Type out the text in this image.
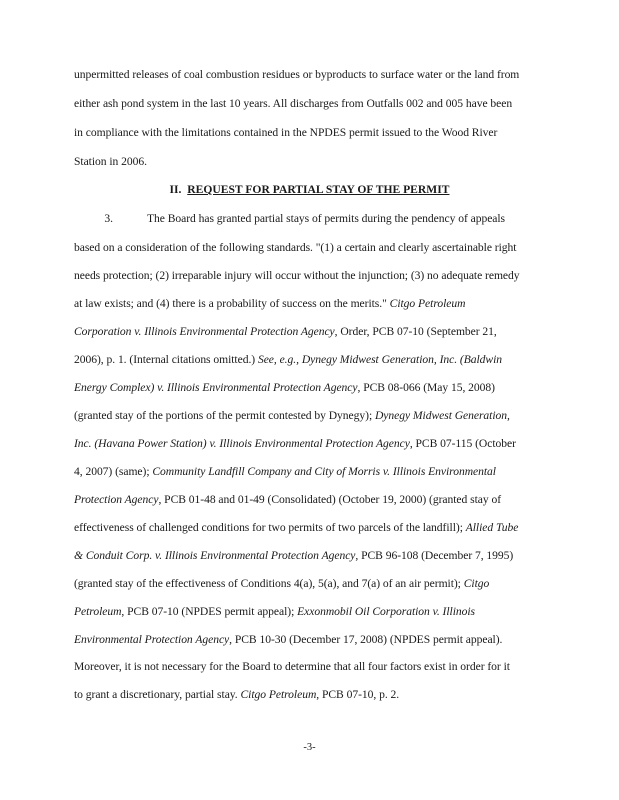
unpermitted releases of coal combustion residues or byproducts to surface water or the land from
either ash pond system in the last 10 years. All discharges from Outfalls 002 and 005 have been
in compliance with the limitations contained in the NPDES permit issued to the Wood River
Station in 2006.
II. REQUEST FOR PARTIAL STAY OF THE PERMIT
3.	The Board has granted partial stays of permits during the pendency of appeals
based on a consideration of the following standards. "(1) a certain and clearly ascertainable right
needs protection; (2) irreparable injury will occur without the injunction; (3) no adequate remedy
at law exists; and (4) there is a probability of success on the merits." Citgo Petroleum
Corporation v. Illinois Environmental Protection Agency, Order, PCB 07-10 (September 21,
2006), p. 1. (Internal citations omitted.) See, e.g., Dynegy Midwest Generation, Inc. (Baldwin
Energy Complex) v. Illinois Environmental Protection Agency, PCB 08-066 (May 15, 2008)
(granted stay of the portions of the permit contested by Dynegy); Dynegy Midwest Generation,
Inc. (Havana Power Station) v. Illinois Environmental Protection Agency, PCB 07-115 (October
4, 2007) (same); Community Landfill Company and City of Morris v. Illinois Environmental
Protection Agency, PCB 01-48 and 01-49 (Consolidated) (October 19, 2000) (granted stay of
effectiveness of challenged conditions for two permits of two parcels of the landfill); Allied Tube
& Conduit Corp. v. Illinois Environmental Protection Agency, PCB 96-108 (December 7, 1995)
(granted stay of the effectiveness of Conditions 4(a), 5(a), and 7(a) of an air permit); Citgo
Petroleum, PCB 07-10 (NPDES permit appeal); Exxonmobil Oil Corporation v. Illinois
Environmental Protection Agency, PCB 10-30 (December 17, 2008) (NPDES permit appeal).
Moreover, it is not necessary for the Board to determine that all four factors exist in order for it
to grant a discretionary, partial stay. Citgo Petroleum, PCB 07-10, p. 2.
-3-
